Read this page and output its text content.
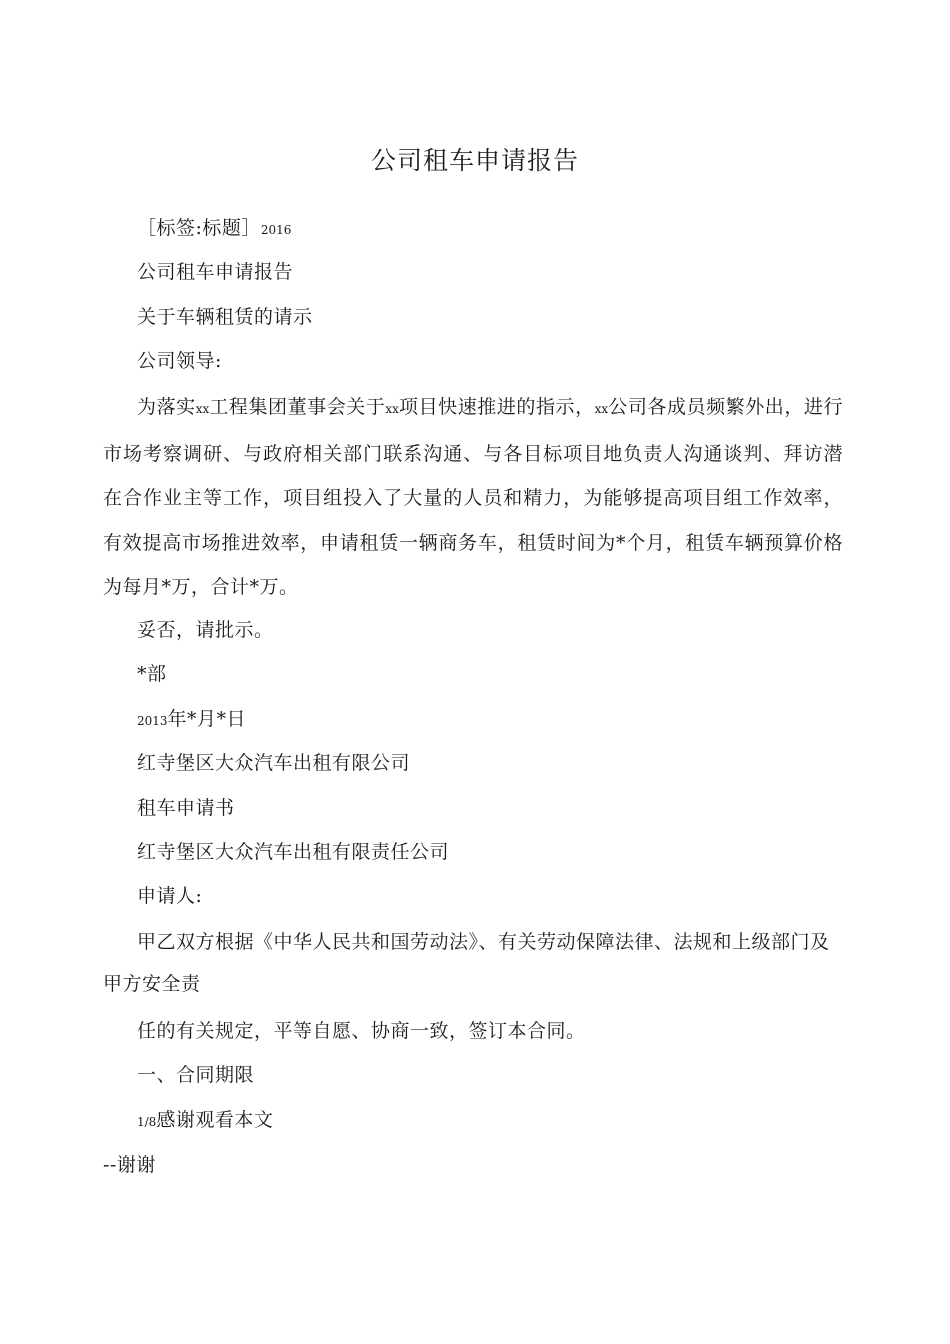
公司租车申请报告
［标签:标题］2016
公司租车申请报告
关于车辆租赁的请示
公司领导:
为落实xx工程集团董事会关于xx项目快速推进的指示，xx公司各成员频繁外出，进行市场考察调研、与政府相关部门联系沟通、与各目标项目地负责人沟通谈判、拜访潜在合作业主等工作，项目组投入了大量的人员和精力，为能够提高项目组工作效率，有效提高市场推进效率，申请租赁一辆商务车，租赁时间为*个月，租赁车辆预算价格为每月*万，合计*万。
妥否，请批示。
*部
2013年*月*日
红寺堡区大众汽车出租有限公司
租车申请书
红寺堡区大众汽车出租有限责任公司
申请人:
甲乙双方根据《中华人民共和国劳动法》、有关劳动保障法律、法规和上级部门及甲方安全责
任的有关规定，平等自愿、协商一致，签订本合同。
一、合同期限
1/8感谢观看本文
--谢谢
